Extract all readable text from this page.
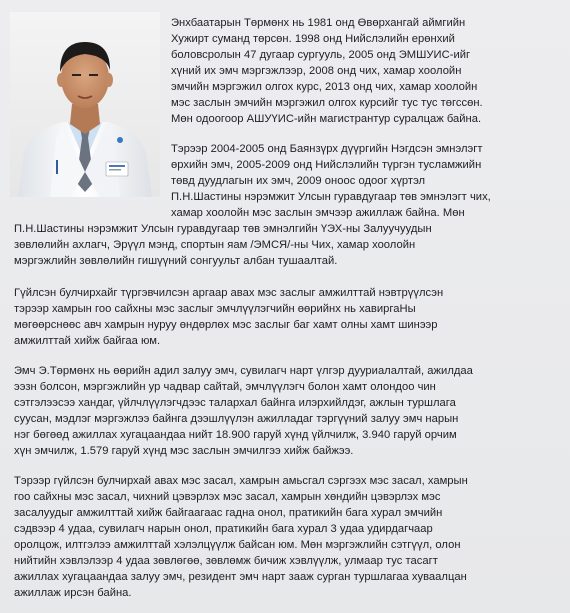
Энхбаатарын Төрмөнх нь 1981 онд Өвөрхангай аймгийн
Хужирт суманд төрсөн. 1998 онд Нийслэлийн ерөнхий
боловсролын 47 дугаар сургууль, 2005 онд ЭМШУИС-ийг
хүний их эмч мэргэжлээр, 2008 онд чих, хамар хоолойн
эмчийн мэргэжил олгох курс, 2013 онд чих, хамар хоолойн
мэс заслын эмчийн мэргэжил олгох курсийг тус тус төгссөн.
Мөн одоогоор АШУҮИС-ийн магистрантур суралцаж байна.
Тэрээр 2004-2005 онд Баянзүрх дүүргийн Нэгдсэн эмнэлэгт
өрхийн эмч, 2005-2009 онд Нийслэлийн түргэн тусламжийн
төвд дуудлагын их эмч, 2009 оноос одоог хүртэл
П.Н.Шастины нэрэмжит Улсын гуравдугаар төв эмнэлэгт чих,
хамар хоолойн мэс заслын эмчээр ажиллаж байна. Мөн
П.Н.Шастины нэрэмжит Улсын гуравдугаар төв эмнэлгийн ҮЭХ-ны Залуучуудын
зөвлөлийн ахлагч, Эрүүл мэнд, спортын яам /ЭМСЯ/-ны Чих, хамар хоолойн
мэргэжлийн зөвлөлийн гишүүний сонгуульт албан тушаалтай.
Гүйлсэн булчирхайг түргэвчилсэн аргаар авах мэс заслыг амжилттай нэвтрүүлсэн
тэрээр хамрын гоо сайхны мэс заслыг эмчлүүлэгчийн өөрийнх нь хавиргаНы
мөгөөрснөөс авч хамрын нуруу өндөрлөх мэс заслыг баг хамт олны хамт шинээр
амжилттай хийж байгаа юм.
Эмч Э.Төрмөнх нь өөрийн адил залуу эмч, сувилагч нарт үлгэр дууриалалтай, ажилдаа
ээзн болсон, мэргэжлийн ур чадвар сайтай, эмчлүүлэгч болон хамт олондоо чин
сэтгэлээсээ хандаг, үйлчлүүлэгчдээс талархал байнга илэрхийлдэг, ажлын туршлага
суусан, мэдлэг мэргэжлээ байнга дээшлүүлэн ажилладаг тэргүүний залуу эмч нарын
нэг бөгөөд ажиллах хугацаандаа нийт 18.900 гаруй хүнд үйлчилж, 3.940 гаруй орчим
хүн эмчилж, 1.579 гаруй хүнд мэс заслын эмчилгээ хийж байжээ.
Тэрээр гүйлсэн булчирхай авах мэс засал, хамрын амьсгал сэргээх мэс засал, хамрын
гоо сайхны мэс засал, чихний цэвэрлэх мэс засал, хамрын хөндийн цэвэрлэх мэс
засалуудыг амжилттай хийж байгаагаас гадна онол, пратикийн бага хурал эмчийн
сэдвээр 4 удаа, сувилагч нарын онол, пратикийн бага хурал 3 удаа удирдагчаар
оролцож, илтгэлээ амжилттай хэлэлцүүлж байсан юм. Мөн мэргэжлийн сэтгүүл, олон
нийтийн хэвлэлээр 4 удаа зөвлөгөө, зөвлөмж бичиж хэвлүүлж, улмаар тус тасагт
ажиллах хугацаандаа залуу эмч, резидент эмч нарт зааж сурган туршлагаа хуваалцан
ажиллаж ирсэн байна.
